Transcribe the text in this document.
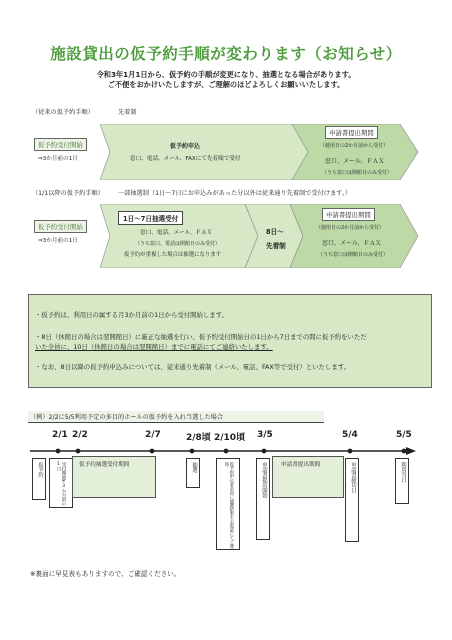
施設貸出の仮予約手順が変わります（お知らせ）
令和3年1月1日から、仮予約の手順が変更になり、抽選となる場合があります。
ご不便をおかけいたしますが、ご理解のほどよろしくお願いいたします。
（従来の仮予約手順）	先着制
仮予約受付開始
⇒3か月前の1日
仮予約申込
窓口、電話、メール、FAXにて先着順で受付
申請書提出期間
（使用日の2か月前から受付）
窓口、メール、ＦＡＸ
（うち窓口は開館日のみ受付）
（1/1以降の仮予約手順） 一部抽選制（1日～7日にお申込みがあった分以外は従来通り先着制で受付けます。）
仮予約受付開始
⇒3か月前の1日
1日～7日抽選受付
窓口、電話、メール、ＦＡＸ
（うち窓口、電話は開館日のみ受付）
仮予約が重複した場合は抽選になります
8日～
先着制
申請書提出期間
（使用日の2か月前から受付）
窓口、メール、ＦＡＸ
（うち窓口は開館日のみ受付）
・仮予約は、利用日の属する月3か月前の1日から受付開始します。
・8日（休館日の場合は翌開館日）に厳正な抽選を行い、仮予約受付開始日の1日から7日までの間に仮予約をいただ
いた全員に、10日（休館日の場合は翌開館日）までに電話にてご連絡いたします。
・なお、8日以降の仮予約申込みについては、従来通り先着制（メール、電話、FAX等で受付）といたします。
（例）2/2に5/5利用予定の多目的ホールの仮予約を入れ当選した場合
2/1 2/2	2/7	2/8頃 2/10頃 3/5	5/4	5/5
仮予約	受付開始※3か月前の1日	仮予約抽選受付期間	抽選	仮予約申込者全員に抽選結果をお電話にてご連絡	申請書提出開始	申請書提出期間	申請書締切日	利用当日
※裏面に早見表もありますので、ご確認ください。
